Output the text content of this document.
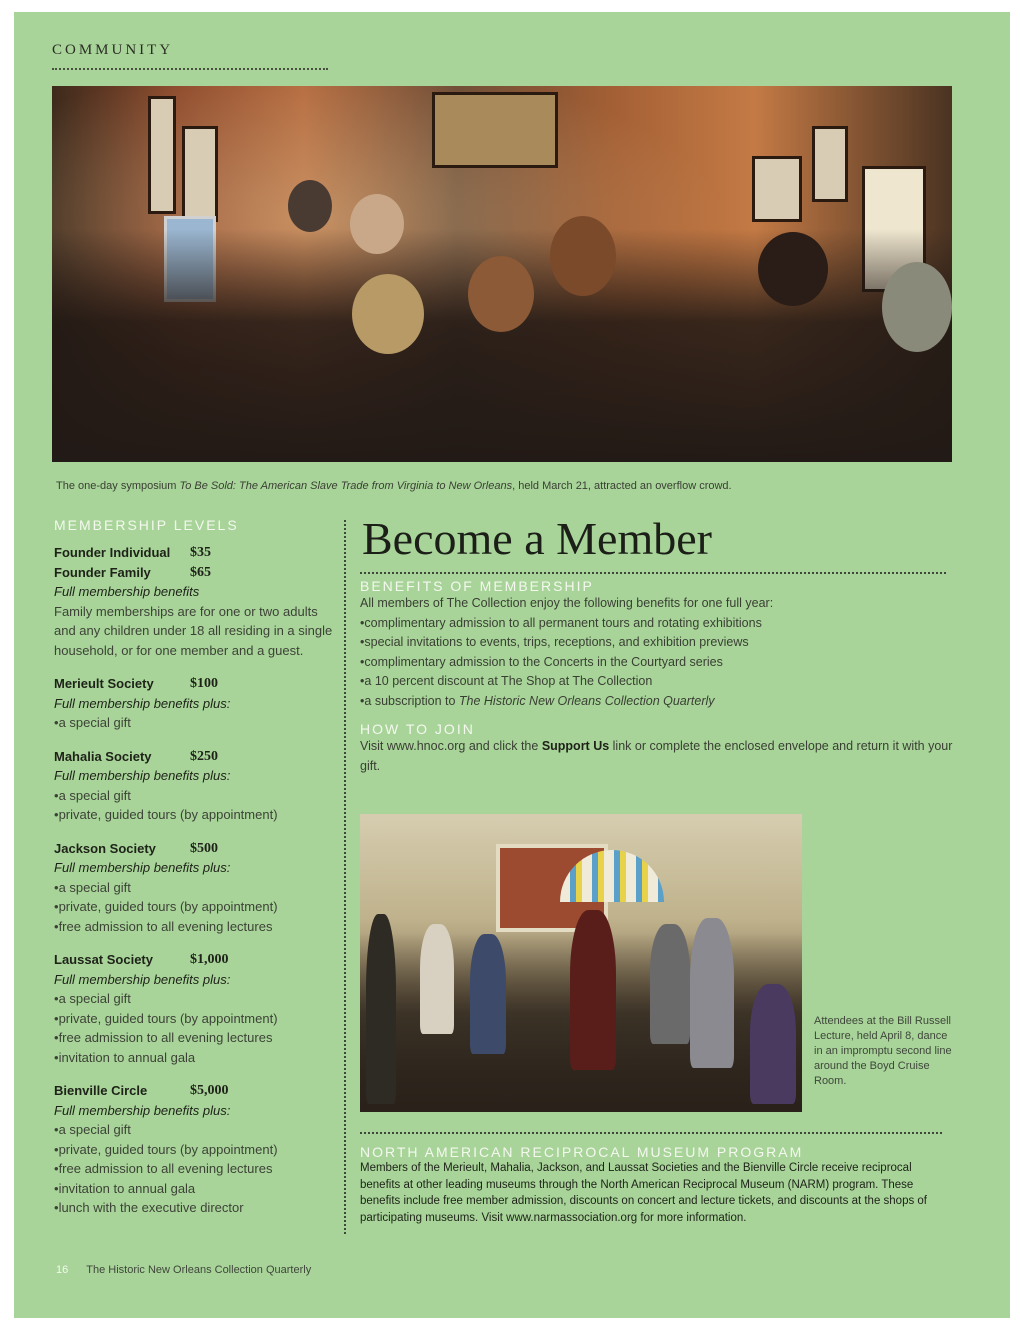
COMMUNITY
The one-day symposium To Be Sold: The American Slave Trade from Virginia to New Orleans, held March 21, attracted an overflow crowd.
MEMBERSHIP LEVELS
Founder Individual	$35
Founder Family	$65
Full membership benefits
Family memberships are for one or two adults and any children under 18 all residing in a single household, or for one member and a guest.
Merieult Society	$100
Full membership benefits plus:
• a special gift
Mahalia Society	$250
Full membership benefits plus:
• a special gift
• private, guided tours (by appointment)
Jackson Society	$500
Full membership benefits plus:
• a special gift
• private, guided tours (by appointment)
• free admission to all evening lectures
Laussat Society	$1,000
Full membership benefits plus:
• a special gift
• private, guided tours (by appointment)
• free admission to all evening lectures
• invitation to annual gala
Bienville Circle	$5,000
Full membership benefits plus:
• a special gift
• private, guided tours (by appointment)
• free admission to all evening lectures
• invitation to annual gala
• lunch with the executive director
Become a Member
BENEFITS OF MEMBERSHIP
All members of The Collection enjoy the following benefits for one full year:
• complimentary admission to all permanent tours and rotating exhibitions
• special invitations to events, trips, receptions, and exhibition previews
• complimentary admission to the Concerts in the Courtyard series
• a 10 percent discount at The Shop at The Collection
• a subscription to The Historic New Orleans Collection Quarterly
HOW TO JOIN
Visit www.hnoc.org and click the Support Us link or complete the enclosed envelope and return it with your gift.
Attendees at the Bill Russell Lecture, held April 8, dance in an impromptu second line around the Boyd Cruise Room.
NORTH AMERICAN RECIPROCAL MUSEUM PROGRAM
Members of the Merieult, Mahalia, Jackson, and Laussat Societies and the Bienville Circle receive reciprocal benefits at other leading museums through the North American Reciprocal Museum (NARM) program. These benefits include free member admission, discounts on concert and lecture tickets, and discounts at the shops of participating museums. Visit www.narmassociation.org for more information.
16 The Historic New Orleans Collection Quarterly
